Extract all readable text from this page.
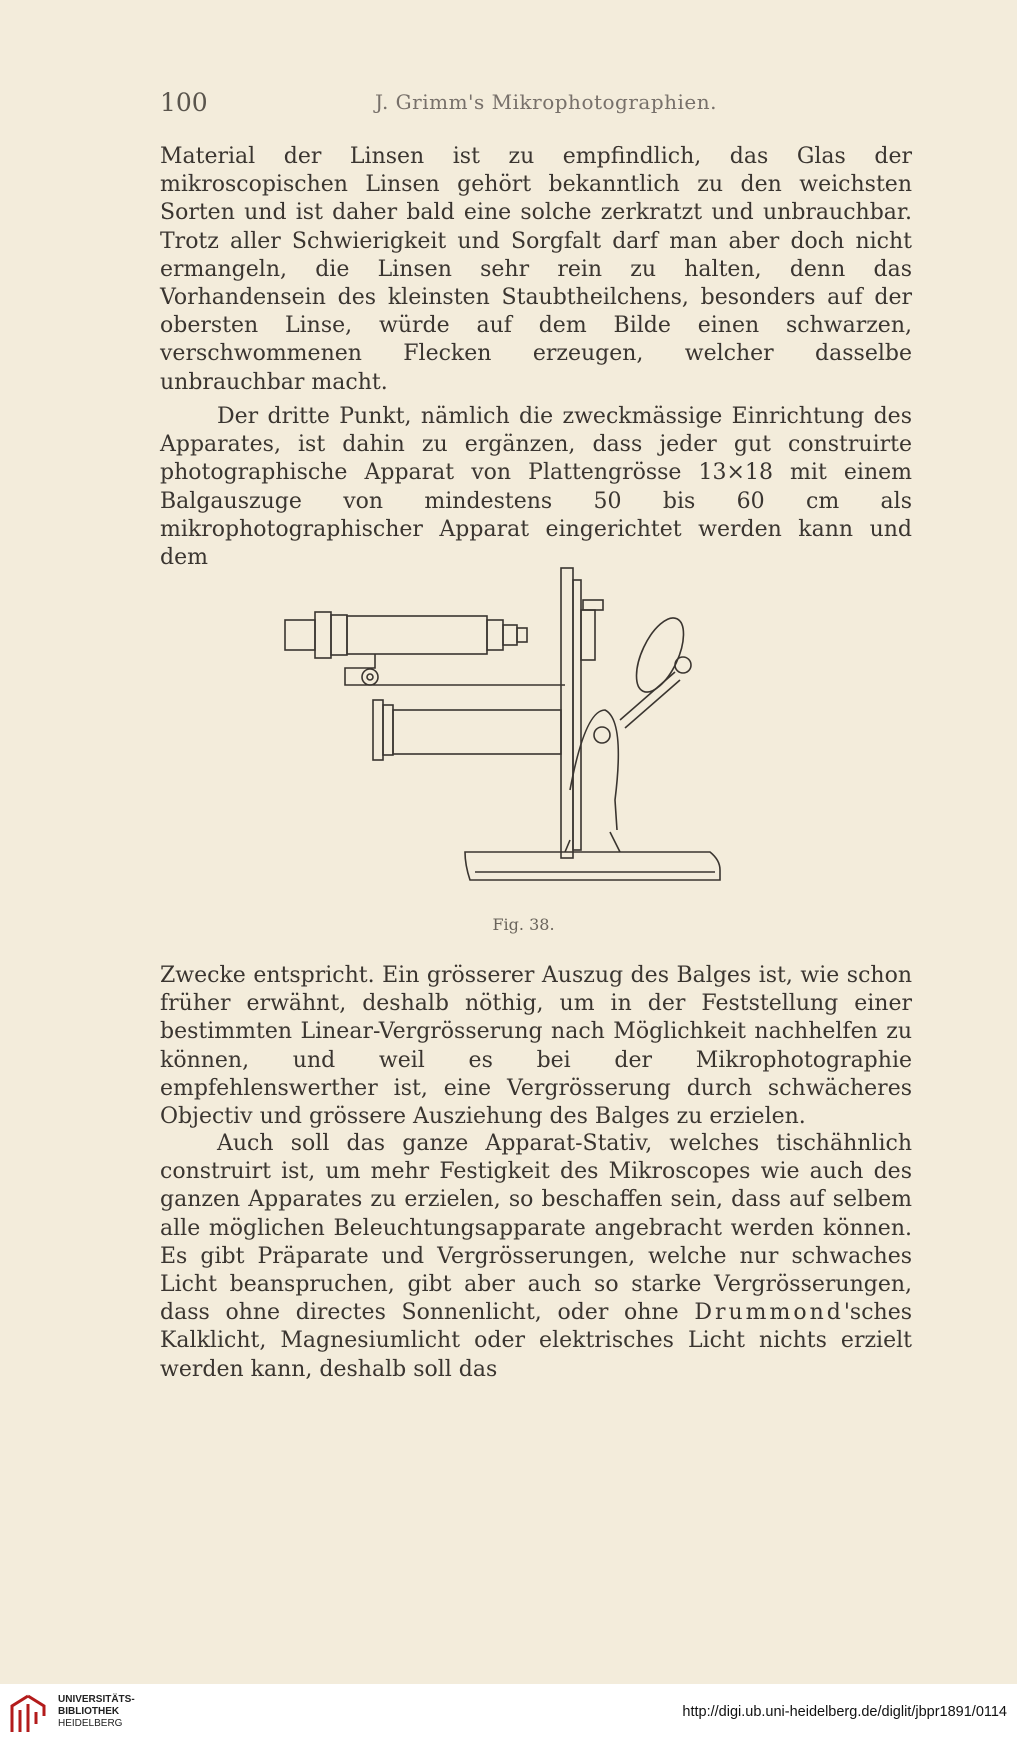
100	J. Grimm's Mikrophotographien.

Material der Linsen ist zu empfindlich, das Glas der mikroscopischen Linsen gehört bekanntlich zu den weichsten Sorten und ist daher bald eine solche zerkratzt und unbrauchbar. Trotz aller Schwierigkeit und Sorgfalt darf man aber doch nicht ermangeln, die Linsen sehr rein zu halten, denn das Vorhandensein des kleinsten Staubtheilchens, besonders auf der obersten Linse, würde auf dem Bilde einen schwarzen, verschwommenen Flecken erzeugen, welcher dasselbe unbrauchbar macht.

Der dritte Punkt, nämlich die zweckmässige Einrichtung des Apparates, ist dahin zu ergänzen, dass jeder gut construirte photographische Apparat von Plattengrösse 13×18 mit einem Balgauszuge von mindestens 50 bis 60 cm als mikrophotographischer Apparat eingerichtet werden kann und dem

Fig. 38.

Zwecke entspricht. Ein grösserer Auszug des Balges ist, wie schon früher erwähnt, deshalb nöthig, um in der Feststellung einer bestimmten Linear-Vergrösserung nach Möglichkeit nachhelfen zu können, und weil es bei der Mikrophotographie empfehlenswerther ist, eine Vergrösserung durch schwächeres Objectiv und grössere Ausziehung des Balges zu erzielen.

Auch soll das ganze Apparat-Stativ, welches tischähnlich construirt ist, um mehr Festigkeit des Mikroscopes wie auch des ganzen Apparates zu erzielen, so beschaffen sein, dass auf selbem alle möglichen Beleuchtungsapparate angebracht werden können. Es gibt Präparate und Vergrösserungen, welche nur schwaches Licht beanspruchen, gibt aber auch so starke Vergrösserungen, dass ohne directes Sonnenlicht, oder ohne Drummond'sches Kalklicht, Magnesiumlicht oder elektrisches Licht nichts erzielt werden kann, deshalb soll das

UNIVERSITÄTS-
BIBLIOTHEK
HEIDELBERG
http://digi.ub.uni-heidelberg.de/diglit/jbpr1891/0114
